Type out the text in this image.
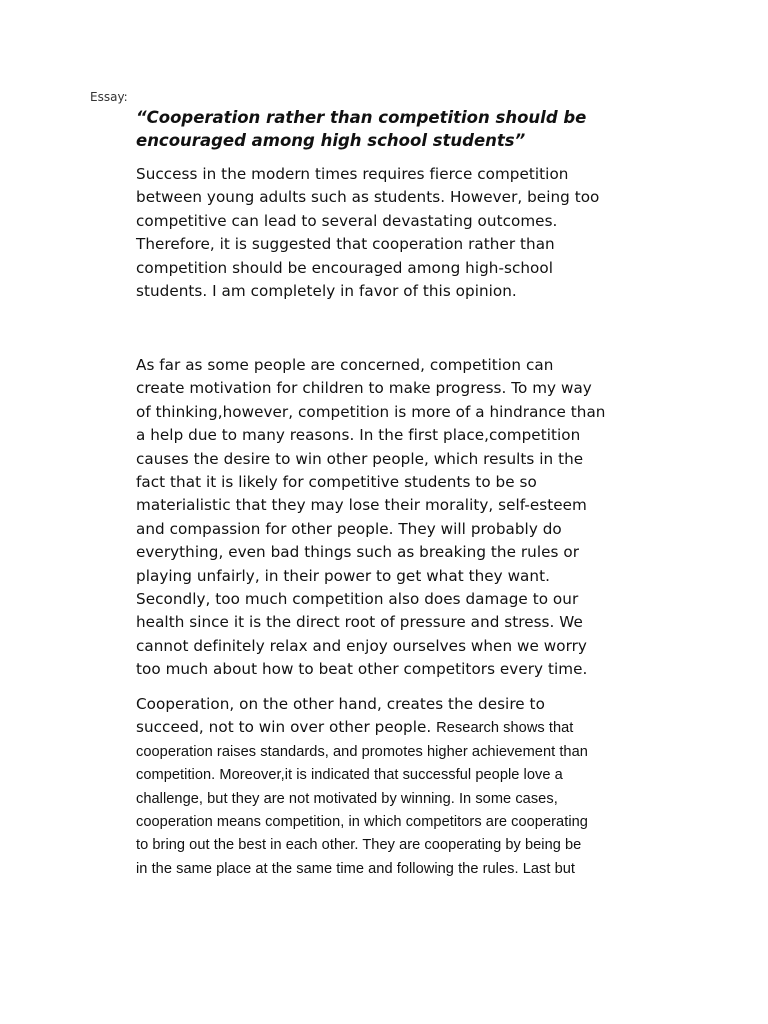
Essay:
“Cooperation rather than competition should be
encouraged among high school students”

Success in the modern times requires fierce competition
between young adults such as students. However, being too
competitive can lead to several devastating outcomes.
Therefore, it is suggested that cooperation rather than
competition should be encouraged among high-school
students. I am completely in favor of this opinion.

As far as some people are concerned, competition can
create motivation for children to make progress. To my way
of thinking,however, competition is more of a hindrance than
a help due to many reasons. In the first place,competition
causes the desire to win other people, which results in the
fact that it is likely for competitive students to be so
materialistic that they may lose their morality, self-esteem
and compassion for other people. They will probably do
everything, even bad things such as breaking the rules or
playing unfairly, in their power to get what they want.
Secondly, too much competition also does damage to our
health since it is the direct root of pressure and stress. We
cannot definitely relax and enjoy ourselves when we worry
too much about how to beat other competitors every time.

Cooperation, on the other hand, creates the desire to
succeed, not to win over other people. Research shows that
cooperation raises standards, and promotes higher achievement than
competition. Moreover,it is indicated that successful people love a
challenge, but they are not motivated by winning. In some cases,
cooperation means competition, in which competitors are cooperating
to bring out the best in each other. They are cooperating by being be
in the same place at the same time and following the rules. Last but
